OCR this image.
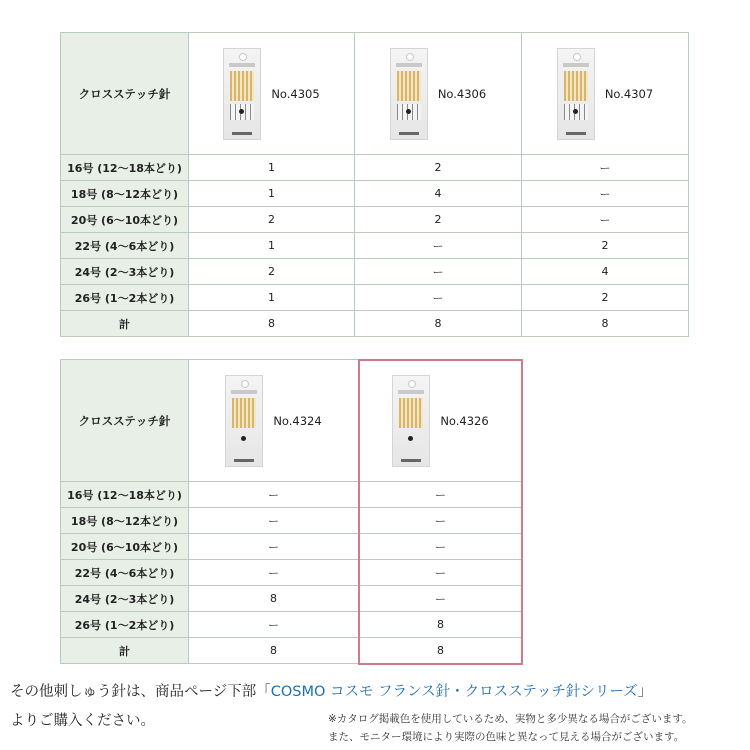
クロスステッチ針	No.4305	No.4306	No.4307

16号 (12〜18本どり)	1	2	ー
18号 (8〜12本どり)	1	4	ー
20号 (6〜10本どり)	2	2	ー
22号 (4〜6本どり)	1	ー	2
24号 (2〜3本どり)	2	ー	4
26号 (1〜2本どり)	1	ー	2
計	8	8	8
クロスステッチ針	No.4324	No.4326

16号 (12〜18本どり)	ー	ー
18号 (8〜12本どり)	ー	ー
20号 (6〜10本どり)	ー	ー
22号 (4〜6本どり)	ー	ー
24号 (2〜3本どり)	8	ー
26号 (1〜2本どり)	ー	8
計	8	8
その他刺しゅう針は、商品ページ下部「COSMO コスモ フランス針・クロスステッチ針シリーズ」
よりご購入ください。	※カタログ掲載色を使用しているため、実物と多少異なる場合がございます。
また、モニター環境により実際の色味と異なって見える場合がございます。
